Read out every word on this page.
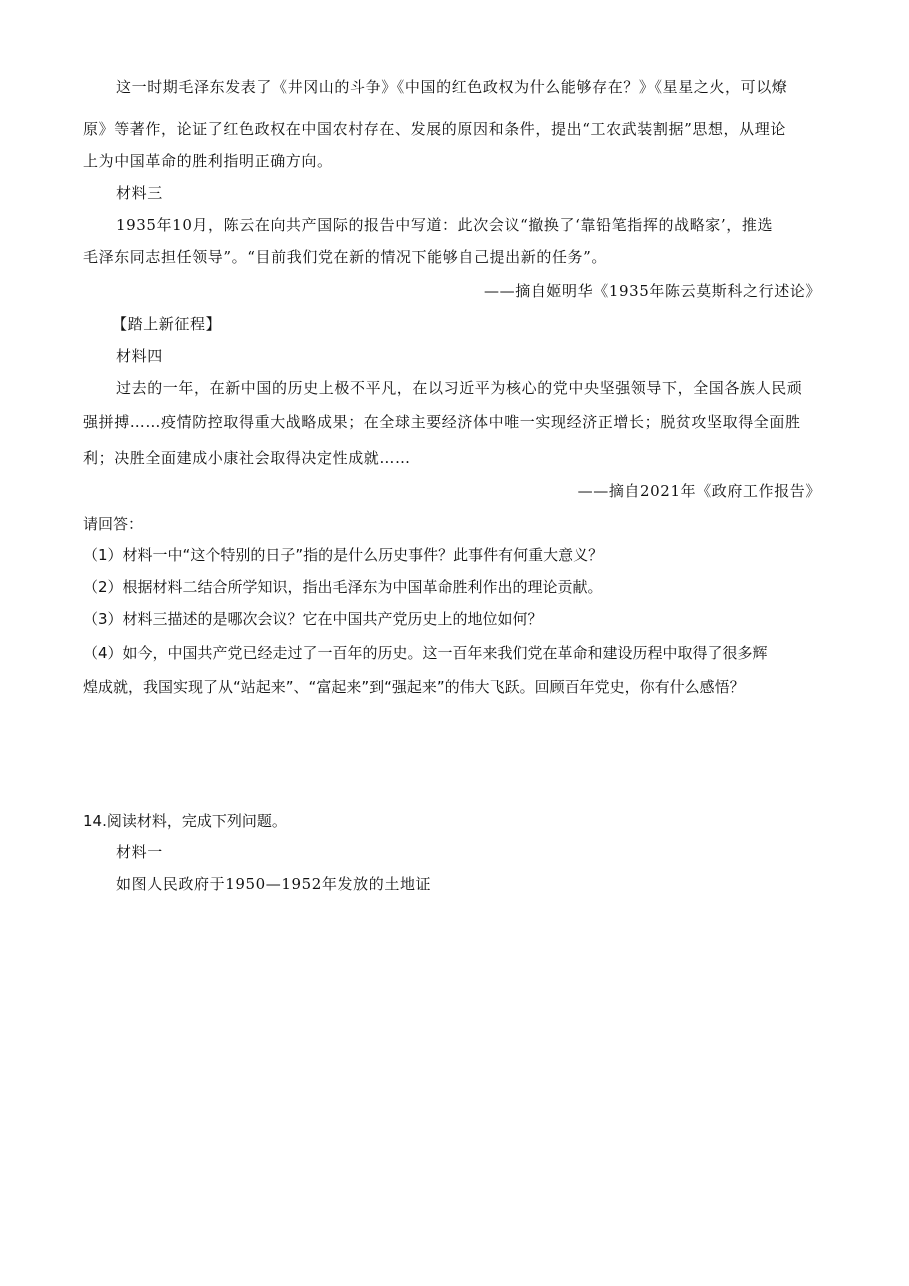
这一时期毛泽东发表了《井冈山的斗争》《中国的红色政权为什么能够存在？》《星星之火，可以燎
原》等著作，论证了红色政权在中国农村存在、发展的原因和条件，提出“工农武装割据”思想，从理论
上为中国革命的胜利指明正确方向。
材料三
1935年10月，陈云在向共产国际的报告中写道：此次会议“撤换了‘靠铅笔指挥的战略家’，推选
毛泽东同志担任领导”。“目前我们党在新的情况下能够自己提出新的任务”。
——摘自姬明华《1935年陈云莫斯科之行述论》
【踏上新征程】
材料四
过去的一年，在新中国的历史上极不平凡，在以习近平为核心的党中央坚强领导下，全国各族人民顽
强拼搏……疫情防控取得重大战略成果；在全球主要经济体中唯一实现经济正增长；脱贫攻坚取得全面胜
利；决胜全面建成小康社会取得决定性成就……
——摘自2021年《政府工作报告》
请回答：
（1）材料一中“这个特别的日子”指的是什么历史事件？此事件有何重大意义？
（2）根据材料二结合所学知识，指出毛泽东为中国革命胜利作出的理论贡献。
（3）材料三描述的是哪次会议？它在中国共产党历史上的地位如何？
（4）如今，中国共产党已经走过了一百年的历史。这一百年来我们党在革命和建设历程中取得了很多辉
煌成就，我国实现了从“站起来”、“富起来”到“强起来”的伟大飞跃。回顾百年党史，你有什么感悟？
14.阅读材料，完成下列问题。
材料一
如图人民政府于1950—1952年发放的土地证
